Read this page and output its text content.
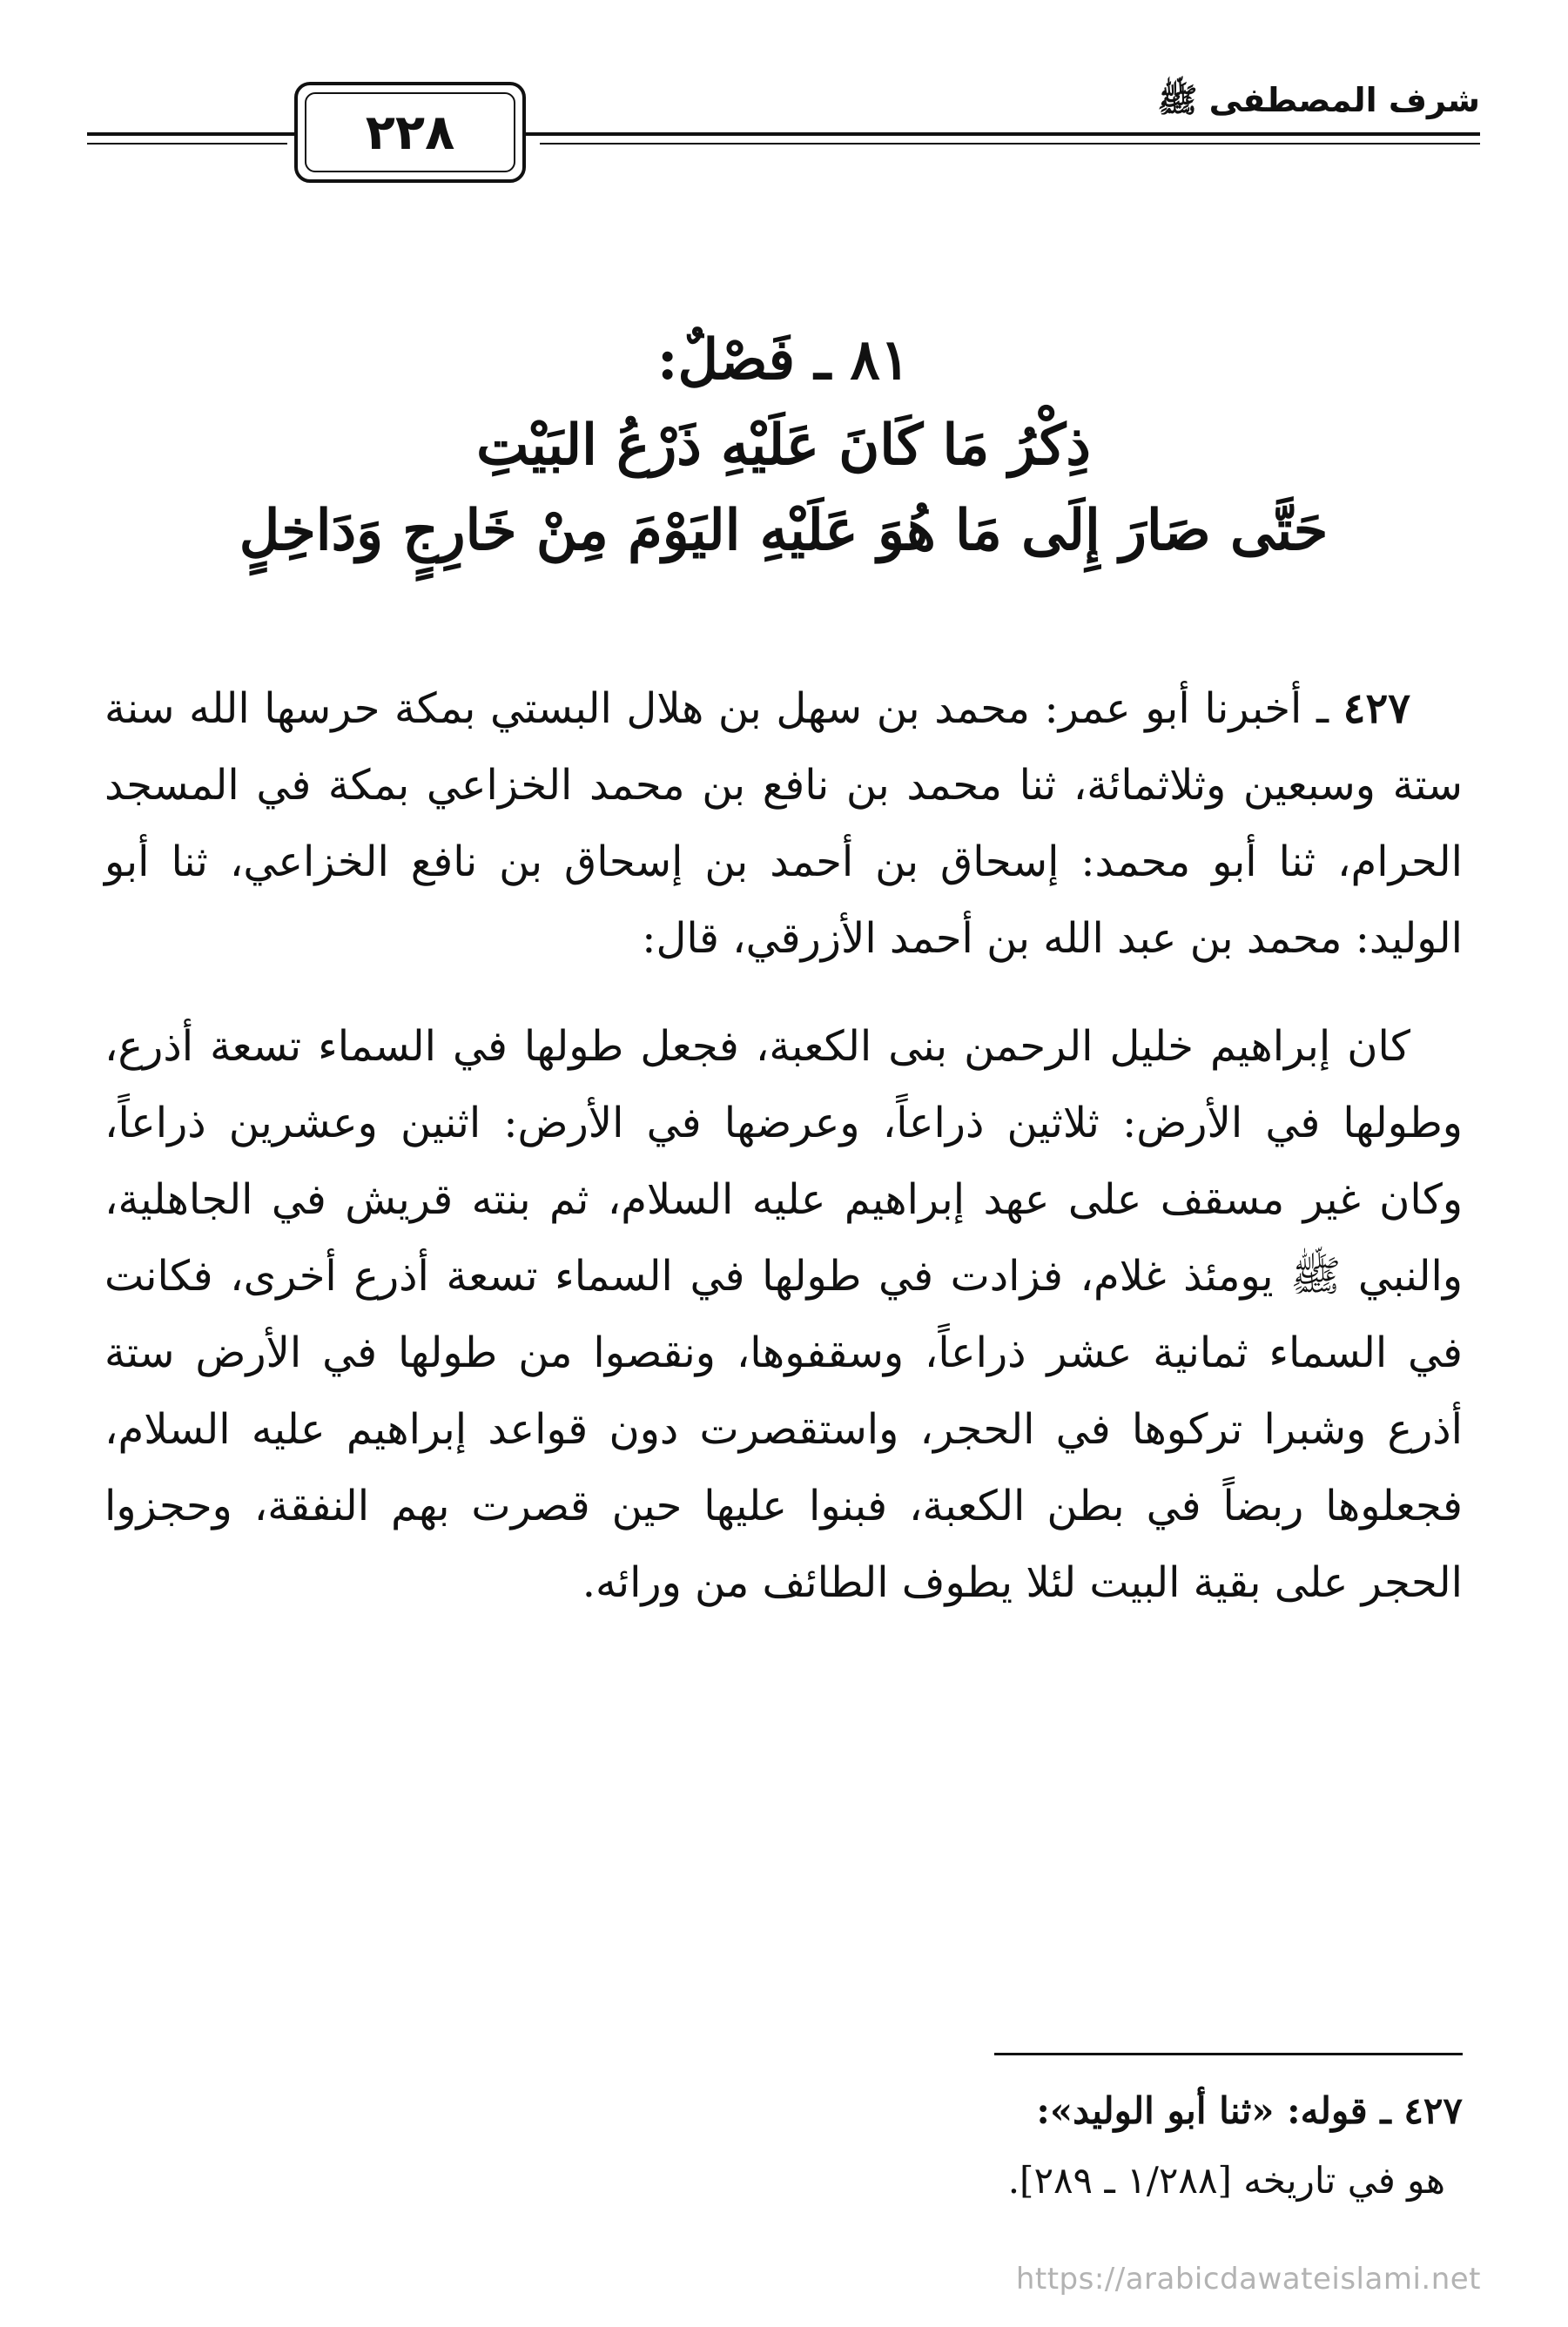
٢٢٨
شرف المصطفى ﷺ
٨١ ـ فَصْلٌ:
ذِكْرُ مَا كَانَ عَلَيْهِ ذَرْعُ البَيْتِ
حَتَّى صَارَ إِلَى مَا هُوَ عَلَيْهِ اليَوْمَ مِنْ خَارِجٍ وَدَاخِلٍ

٤٢٧ ـ أخبرنا أبو عمر: محمد بن سهل بن هلال البستي بمكة حرسها الله سنة ستة وسبعين وثلاثمائة، ثنا محمد بن نافع بن محمد الخزاعي بمكة في المسجد الحرام، ثنا أبو محمد: إسحاق بن أحمد بن إسحاق بن نافع الخزاعي، ثنا أبو الوليد: محمد بن عبد الله بن أحمد الأزرقي، قال:

كان إبراهيم خليل الرحمن بنى الكعبة، فجعل طولها في السماء تسعة أذرع، وطولها في الأرض: ثلاثين ذراعاً، وعرضها في الأرض: اثنين وعشرين ذراعاً، وكان غير مسقف على عهد إبراهيم عليه السلام، ثم بنته قريش في الجاهلية، والنبي ﷺ يومئذ غلام، فزادت في طولها في السماء تسعة أذرع أخرى، فكانت في السماء ثمانية عشر ذراعاً، وسقفوها، ونقصوا من طولها في الأرض ستة أذرع وشبرا تركوها في الحجر، واستقصرت دون قواعد إبراهيم عليه السلام، فجعلوها ربضاً في بطن الكعبة، فبنوا عليها حين قصرت بهم النفقة، وحجزوا الحجر على بقية البيت لئلا يطوف الطائف من ورائه.

٤٢٧ ـ قوله: «ثنا أبو الوليد»:

هو في تاريخه [١/٢٨٨ ـ ٢٨٩].

https://arabicdawateislami.net
